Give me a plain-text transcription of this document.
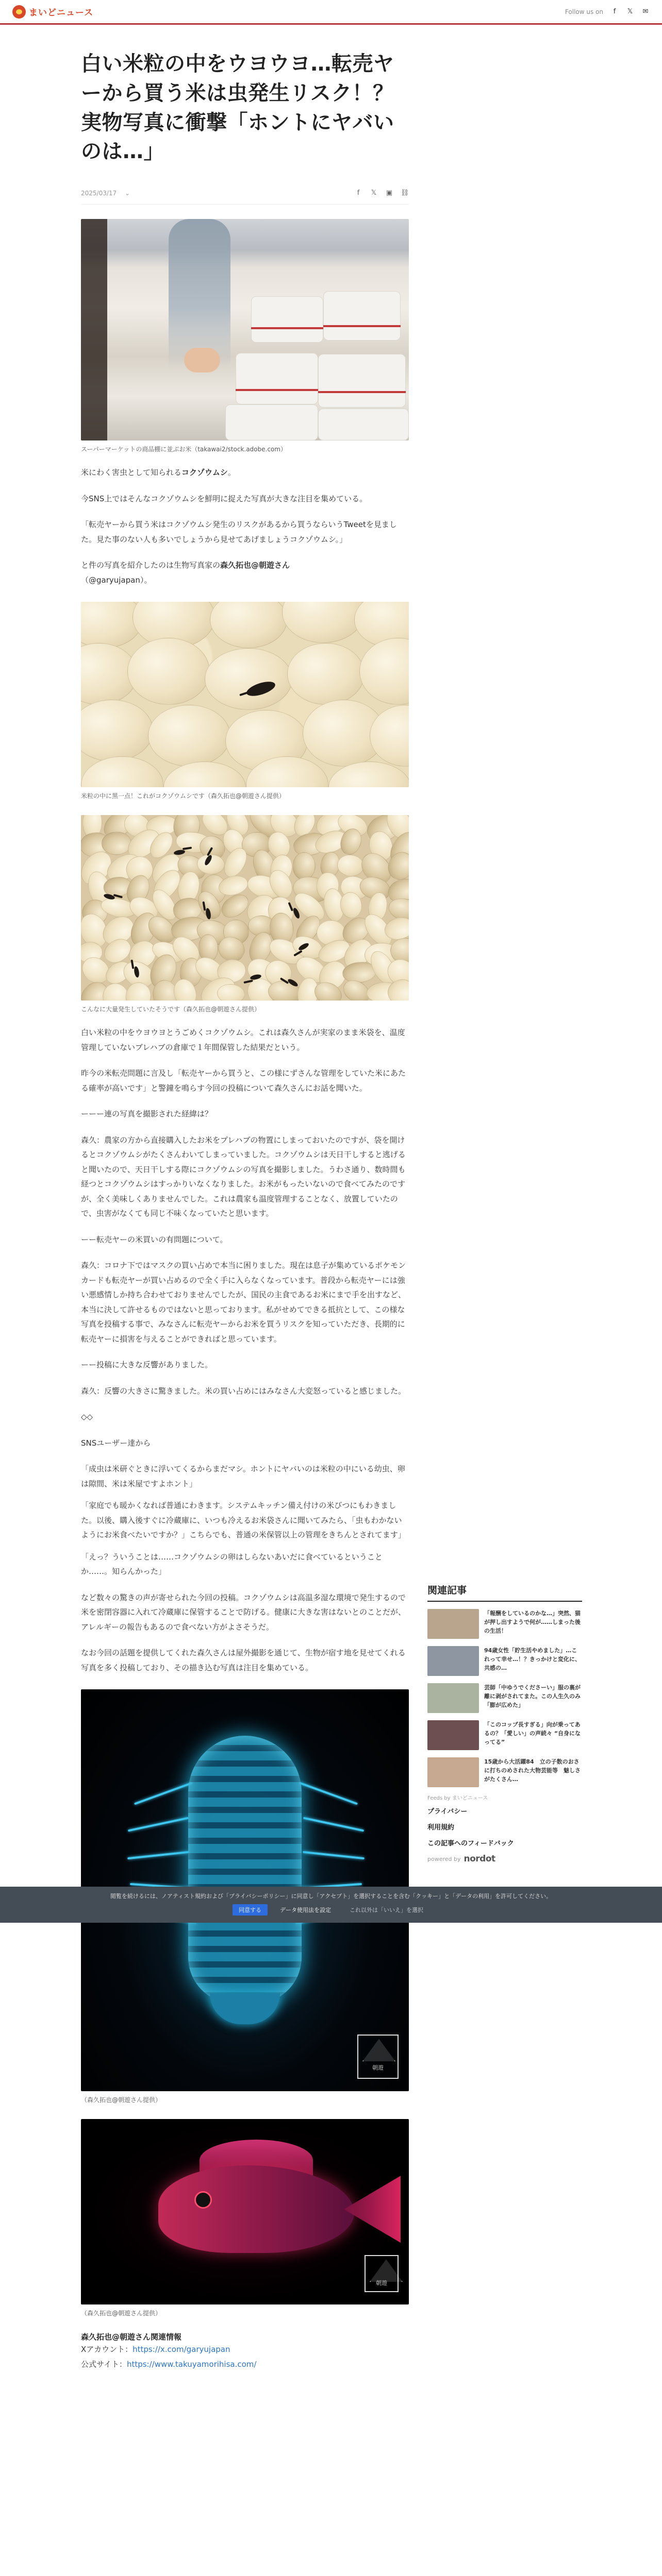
まいどニュース	Follow us on	f	𝕏 ✉
白い米粒の中をウヨウヨ…転売ヤーから買う米は虫発生リスク！？実物写真に衝撃「ホントにヤバいのは…」
2025/03/17 ⌄	f	𝕏 ▣ ⛓
スーパーマーケットの商品棚に並ぶお米（takawai2/stock.adobe.com）

米にわく害虫として知られるコクゾウムシ。

今SNS上ではそんなコクゾウムシを鮮明に捉えた写真が大きな注目を集めている。

「転売ヤーから買う米はコクゾウムシ発生のリスクがあるから買うならいうTweetを見ました。見た事のない人も多いでしょうから見せてあげましょうコクゾウムシ。」

と件の写真を紹介したのは生物写真家の森久拓也@朝遊さん
（@garyujapan）。

米粒の中に黒一点！これがコクゾウムシです（森久拓也@朝遊さん提供）
こんなに大量発生していたそうです（森久拓也@朝遊さん提供）

白い米粒の中をウヨウヨとうごめくコクゾウムシ。これは森久さんが実家のまま米袋を、温度管理していないブレハブの倉庫で１年間保管した結果だという。

昨今の米転売問題に言及し「転売ヤーから買うと、この様にずさんな管理をしていた米にあたる確率が高いです」と警鐘を鳴らす今回の投稿について森久さんにお話を聞いた。

ーーー連の写真を撮影された経緯は？

森久：農家の方から直接購入したお米をプレハブの物置にしまっておいたのですが、袋を開けるとコクゾウムシがたくさんわいてしまっていました。コクゾウムシは天日干しすると逃げると聞いたので、天日干しする際にコクゾウムシの写真を撮影しました。うわさ通り、数時間も経つとコクゾウムシはすっかりいなくなりました。お米がもったいないので食べてみたのですが、全く美味しくありませんでした。これは農家も温度管理することなく、放置していたので、虫害がなくても同じ不味くなっていたと思います。

ーー転売ヤーの米買いの有問題について。

森久：コロナ下ではマスクの買い占めで本当に困りました。現在は息子が集めているポケモンカードも転売ヤーが買い占めるので全く手に入らなくなっています。普段から転売ヤーには強い悪感情しか持ち合わせておりませんでしたが、国民の主食であるお米にまで手を出すなど、本当に決して許せるものではないと思っております。私がせめてできる抵抗として、この様な写真を投稿する事で、みなさんに転売ヤーからお米を買うリスクを知っていただき、長期的に転売ヤーに損害を与えることができればと思っています。

ーー投稿に大きな反響がありました。

森久：反響の大きさに驚きました。米の買い占めにはみなさん大変怒っていると感じました。

◇◇

SNSユーザー達から

「成虫は米研ぐときに浮いてくるからまだマシ。ホントにヤバいのは米粒の中にいる幼虫、卵は隙間、米は米屋ですよホント」

「家庭でも暖かくなれば普通にわきます。システムキッチン備え付けの米びつにもわきました。以後、購入後すぐに冷蔵庫に、いつも冷えるお米袋さんに聞いてみたら、「虫もわかないようにお米食べたいですか？」こちらでも、普通の米保管以上の管理をきちんとされてます」

「えっ？ういうことは……コクゾウムシの卵はしらないあいだに食べているということか……。知らんかった」

など数々の驚きの声が寄せられた今回の投稿。コクゾウムシは高温多湿な環境で発生するので米を密閉容器に入れて冷蔵庫に保管することで防げる。健康に大きな害はないとのことだが、アレルギーの報告もあるので食べない方がよさそうだ。

なお今回の話題を提供してくれた森久さんは屋外撮影を通じて、生物が宿す地を見せてくれる写真を多く投稿しており、その描き込む写真は注目を集めている。

朝遊
（森久拓也@朝遊さん提供）
朝遊
（森久拓也@朝遊さん提供）
森久拓也@朝遊さん関連情報
Xアカウント：https://x.com/garyujapan
公式サイト：https://www.takuyamorihisa.com/
関連記事
「報酬をしているのかな…」突然、猫が押し出すようで何が……しまった後の生活！
94歳女性「貯生活やめました」…これって幸せ…！？きっかけと変化に、共感の…
芸師「中ゆうでくださーい」服の裏が離に剥がされてまた。この人生久のみ「膨が広めた」
「このコップ長すぎる」向が乗ってあるの？「愛しい」の声続々 “自身になってる”
15歳から大活躍84　立の子数のおさに打ちのめされた大物芸能等　魅しさがたくさん…
Feeds by まいどニュース
プライバシー
利用規約
この記事へのフィードバック
powered by nordot
閲覧を続けるには、ノアティスト規約および「プライバシーポリシー」に同意し「アクセプト」を選択することを含む「クッキー」と「データの利用」を許可してください。
同意する	データ使用法を設定	これ以外は「いいえ」を選択
